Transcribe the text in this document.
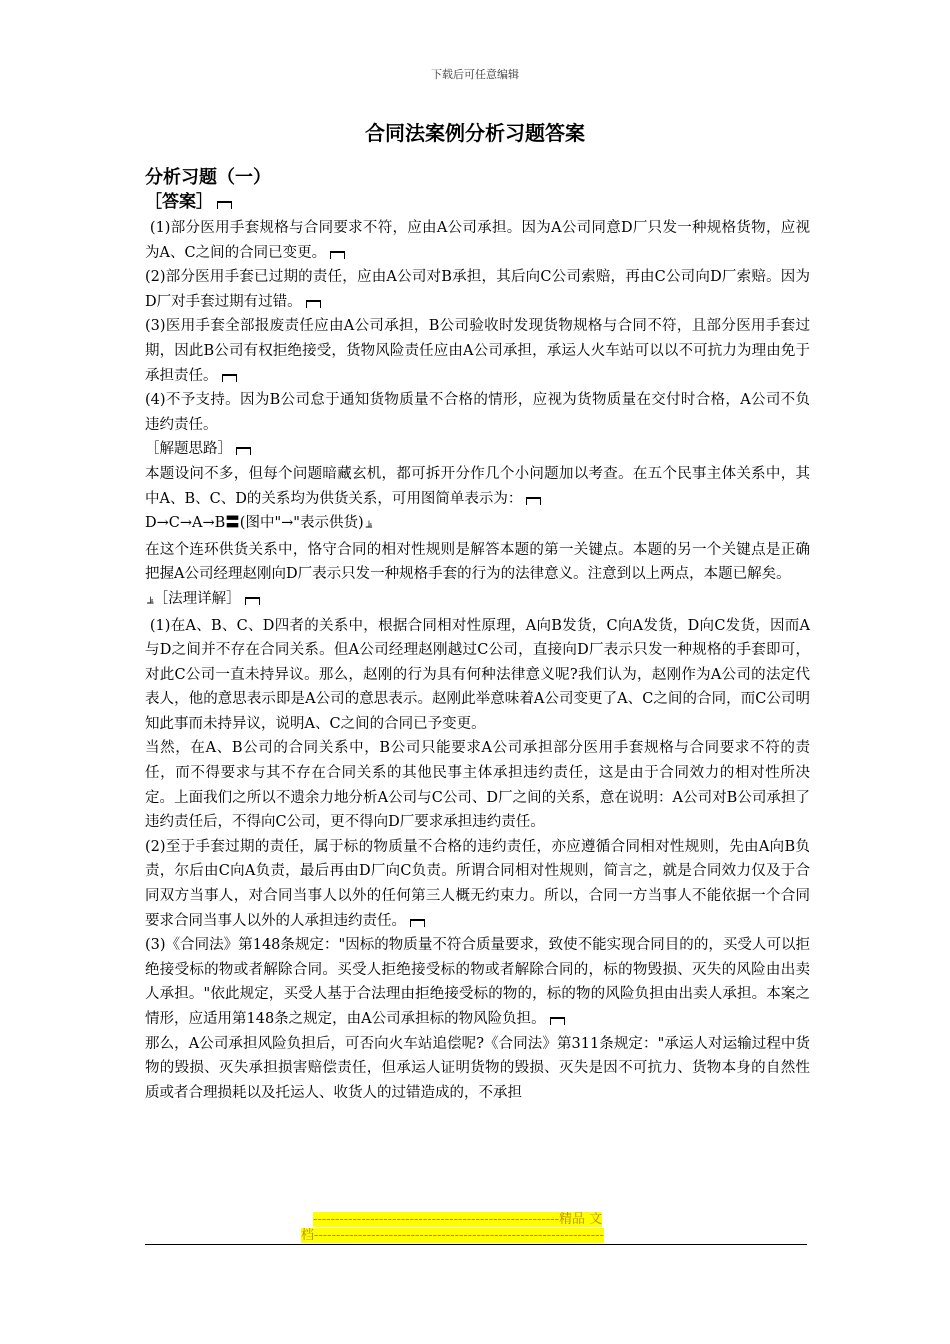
下载后可任意编辑
合同法案例分析习题答案
分析习题（一）
［答案］
(1)部分医用手套规格与合同要求不符，应由A公司承担。因为A公司同意D厂只发一种规格货物，应视为A、C之间的合同已变更。
(2)部分医用手套已过期的责任，应由A公司对B承担，其后向C公司索赔，再由C公司向D厂索赔。因为D厂对手套过期有过错。
(3)医用手套全部报废责任应由A公司承担，B公司验收时发现货物规格与合同不符，且部分医用手套过期，因此B公司有权拒绝接受，货物风险责任应由A公司承担，承运人火车站可以以不可抗力为理由免于承担责任。
(4)不予支持。因为B公司怠于通知货物质量不合格的情形，应视为货物质量在交付时合格，A公司不负违约责任。
［解题思路］
本题设问不多，但每个问题暗藏玄机，都可拆开分作几个小问题加以考查。在五个民事主体关系中，其中A、B、C、D的关系均为供货关系，可用图简单表示为：
D→C→A→B〓(图中"→"表示供货) ⫡
在这个连环供货关系中，恪守合同的相对性规则是解答本题的第一关键点。本题的另一个关键点是正确把握A公司经理赵刚向D厂表示只发一种规格手套的行为的法律意义。注意到以上两点，本题已解矣。
⫡［法理详解］
(1)在A、B、C、D四者的关系中，根据合同相对性原理，A向B发货，C向A发货，D向C发货，因而A与D之间并不存在合同关系。但A公司经理赵刚越过C公司，直接向D厂表示只发一种规格的手套即可，对此C公司一直未持异议。那么，赵刚的行为具有何种法律意义呢?我们认为，赵刚作为A公司的法定代表人，他的意思表示即是A公司的意思表示。赵刚此举意味着A公司变更了A、C之间的合同，而C公司明知此事而未持异议，说明A、C之间的合同已予变更。
当然，在A、B公司的合同关系中，B公司只能要求A公司承担部分医用手套规格与合同要求不符的责任，而不得要求与其不存在合同关系的其他民事主体承担违约责任，这是由于合同效力的相对性所决定。上面我们之所以不遗余力地分析A公司与C公司、D厂之间的关系，意在说明：A公司对B公司承担了违约责任后，不得向C公司，更不得向D厂要求承担违约责任。
(2)至于手套过期的责任，属于标的物质量不合格的违约责任，亦应遵循合同相对性规则，先由A向B负责，尔后由C向A负责，最后再由D厂向C负责。所谓合同相对性规则，简言之，就是合同效力仅及于合同双方当事人，对合同当事人以外的任何第三人概无约束力。所以，合同一方当事人不能依据一个合同要求合同当事人以外的人承担违约责任。
(3)《合同法》第148条规定："因标的物质量不符合质量要求，致使不能实现合同目的的，买受人可以拒绝接受标的物或者解除合同。买受人拒绝接受标的物或者解除合同的，标的物毁损、灭失的风险由出卖人承担。"依此规定，买受人基于合法理由拒绝接受标的物的，标的物的风险负担由出卖人承担。本案之情形，应适用第148条之规定，由A公司承担标的物风险负担。
那么，A公司承担风险负担后，可否向火车站追偿呢?《合同法》第311条规定："承运人对运输过程中货物的毁损、灭失承担损害赔偿责任，但承运人证明货物的毁损、灭失是因不可抗力、货物本身的自然性质或者合理损耗以及托运人、收货人的过错造成的，不承担
--------------------------------------------------------精品 文
档------------------------------------------------------------------
